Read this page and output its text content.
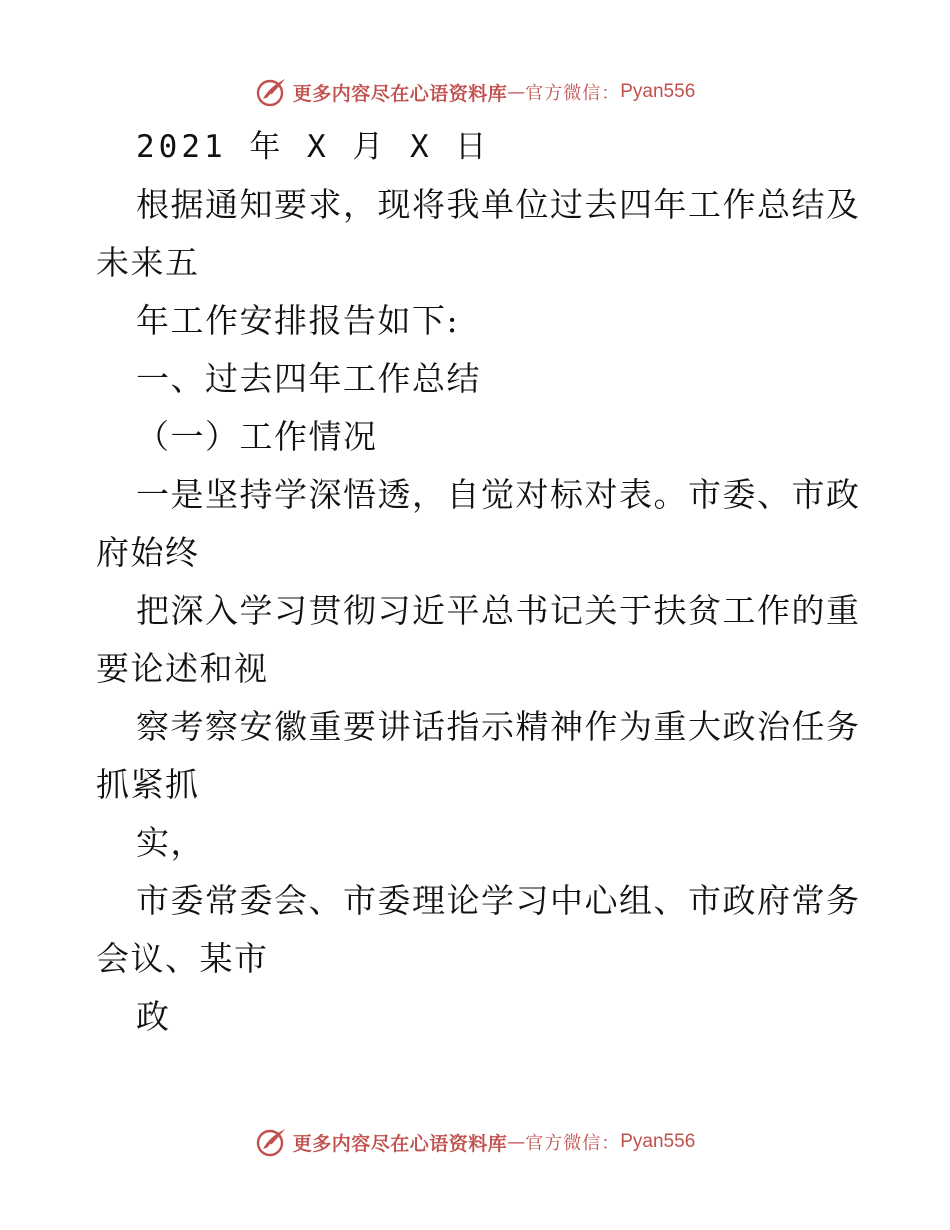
更多内容尽在心语资料库 — 官方微信： Pyan556
2021 年 X 月 X 日
根据通知要求，现将我单位过去四年工作总结及
未来五
年工作安排报告如下:
一、过去四年工作总结
（一）工作情况
一是坚持学深悟透，自觉对标对表。市委、市政
府始终
把深入学习贯彻习近平总书记关于扶贫工作的重
要论述和视
察考察安徽重要讲话指示精神作为重大政治任务
抓紧抓
实，
市委常委会、市委理论学习中心组、市政府常务
会议、某市
政
更多内容尽在心语资料库 — 官方微信： Pyan556
